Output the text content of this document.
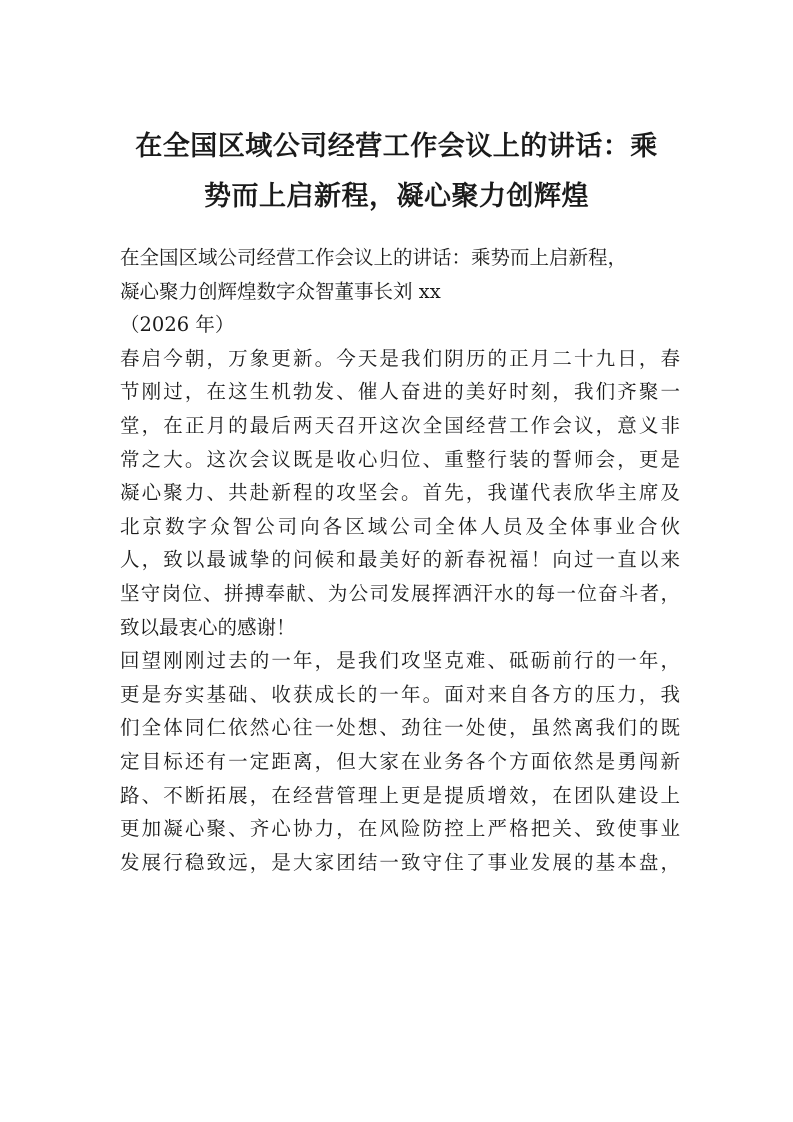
在全国区域公司经营工作会议上的讲话：乘
势而上启新程，凝心聚力创辉煌
在全国区域公司经营工作会议上的讲话：乘势而上启新程，
凝心聚力创辉煌数字众智董事长刘 xx
（2026 年）
春启今朝，万象更新。今天是我们阴历的正月二十九日，春
节刚过，在这生机勃发、催人奋进的美好时刻，我们齐聚一
堂，在正月的最后两天召开这次全国经营工作会议，意义非
常之大。这次会议既是收心归位、重整行装的誓师会，更是
凝心聚力、共赴新程的攻坚会。首先，我谨代表欣华主席及
北京数字众智公司向各区域公司全体人员及全体事业合伙
人，致以最诚挚的问候和最美好的新春祝福！向过一直以来
坚守岗位、拼搏奉献、为公司发展挥洒汗水的每一位奋斗者，
致以最衷心的感谢！
回望刚刚过去的一年，是我们攻坚克难、砥砺前行的一年，
更是夯实基础、收获成长的一年。面对来自各方的压力，我
们全体同仁依然心往一处想、劲往一处使，虽然离我们的既
定目标还有一定距离，但大家在业务各个方面依然是勇闯新
路、不断拓展，在经营管理上更是提质增效，在团队建设上
更加凝心聚、齐心协力，在风险防控上严格把关、致使事业
发展行稳致远，是大家团结一致守住了事业发展的基本盘，
